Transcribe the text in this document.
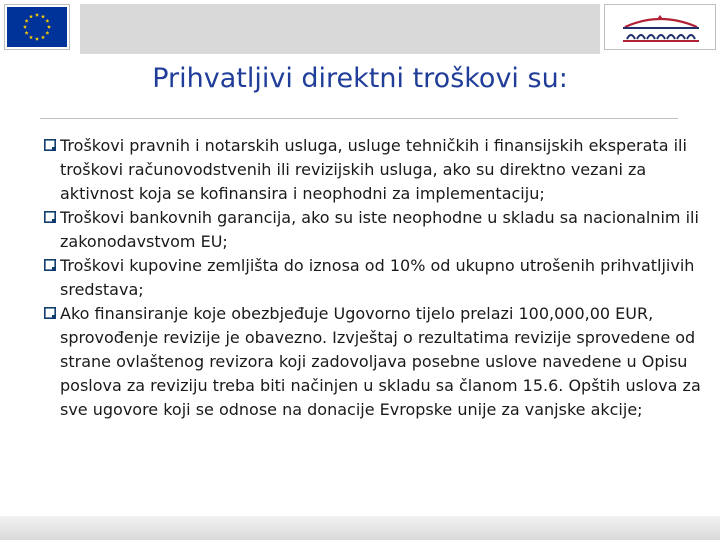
Prihvatljivi direktni troškovi su:
Troškovi pravnih i notarskih usluga, usluge tehničkih i finansijskih eksperata ili troškovi računovodstvenih ili revizijskih usluga, ako su direktno vezani za aktivnost koja se kofinansira i neophodni za implementaciju;
Troškovi bankovnih garancija, ako su iste neophodne u skladu sa nacionalnim ili zakonodavstvom EU;
Troškovi kupovine zemljišta do iznosa od 10% od ukupno utrošenih prihvatljivih sredstava;
Ako finansiranje koje obezbjeđuje Ugovorno tijelo prelazi 100,000,00 EUR, sprovođenje revizije je obavezno. Izvještaj o rezultatima revizije sprovedene od strane ovlaštenog revizora koji zadovoljava posebne uslove navedene u Opisu poslova za reviziju treba biti načinjen u skladu sa članom 15.6. Opštih uslova za sve ugovore koji se odnose na donacije Evropske unije za vanjske akcije;
